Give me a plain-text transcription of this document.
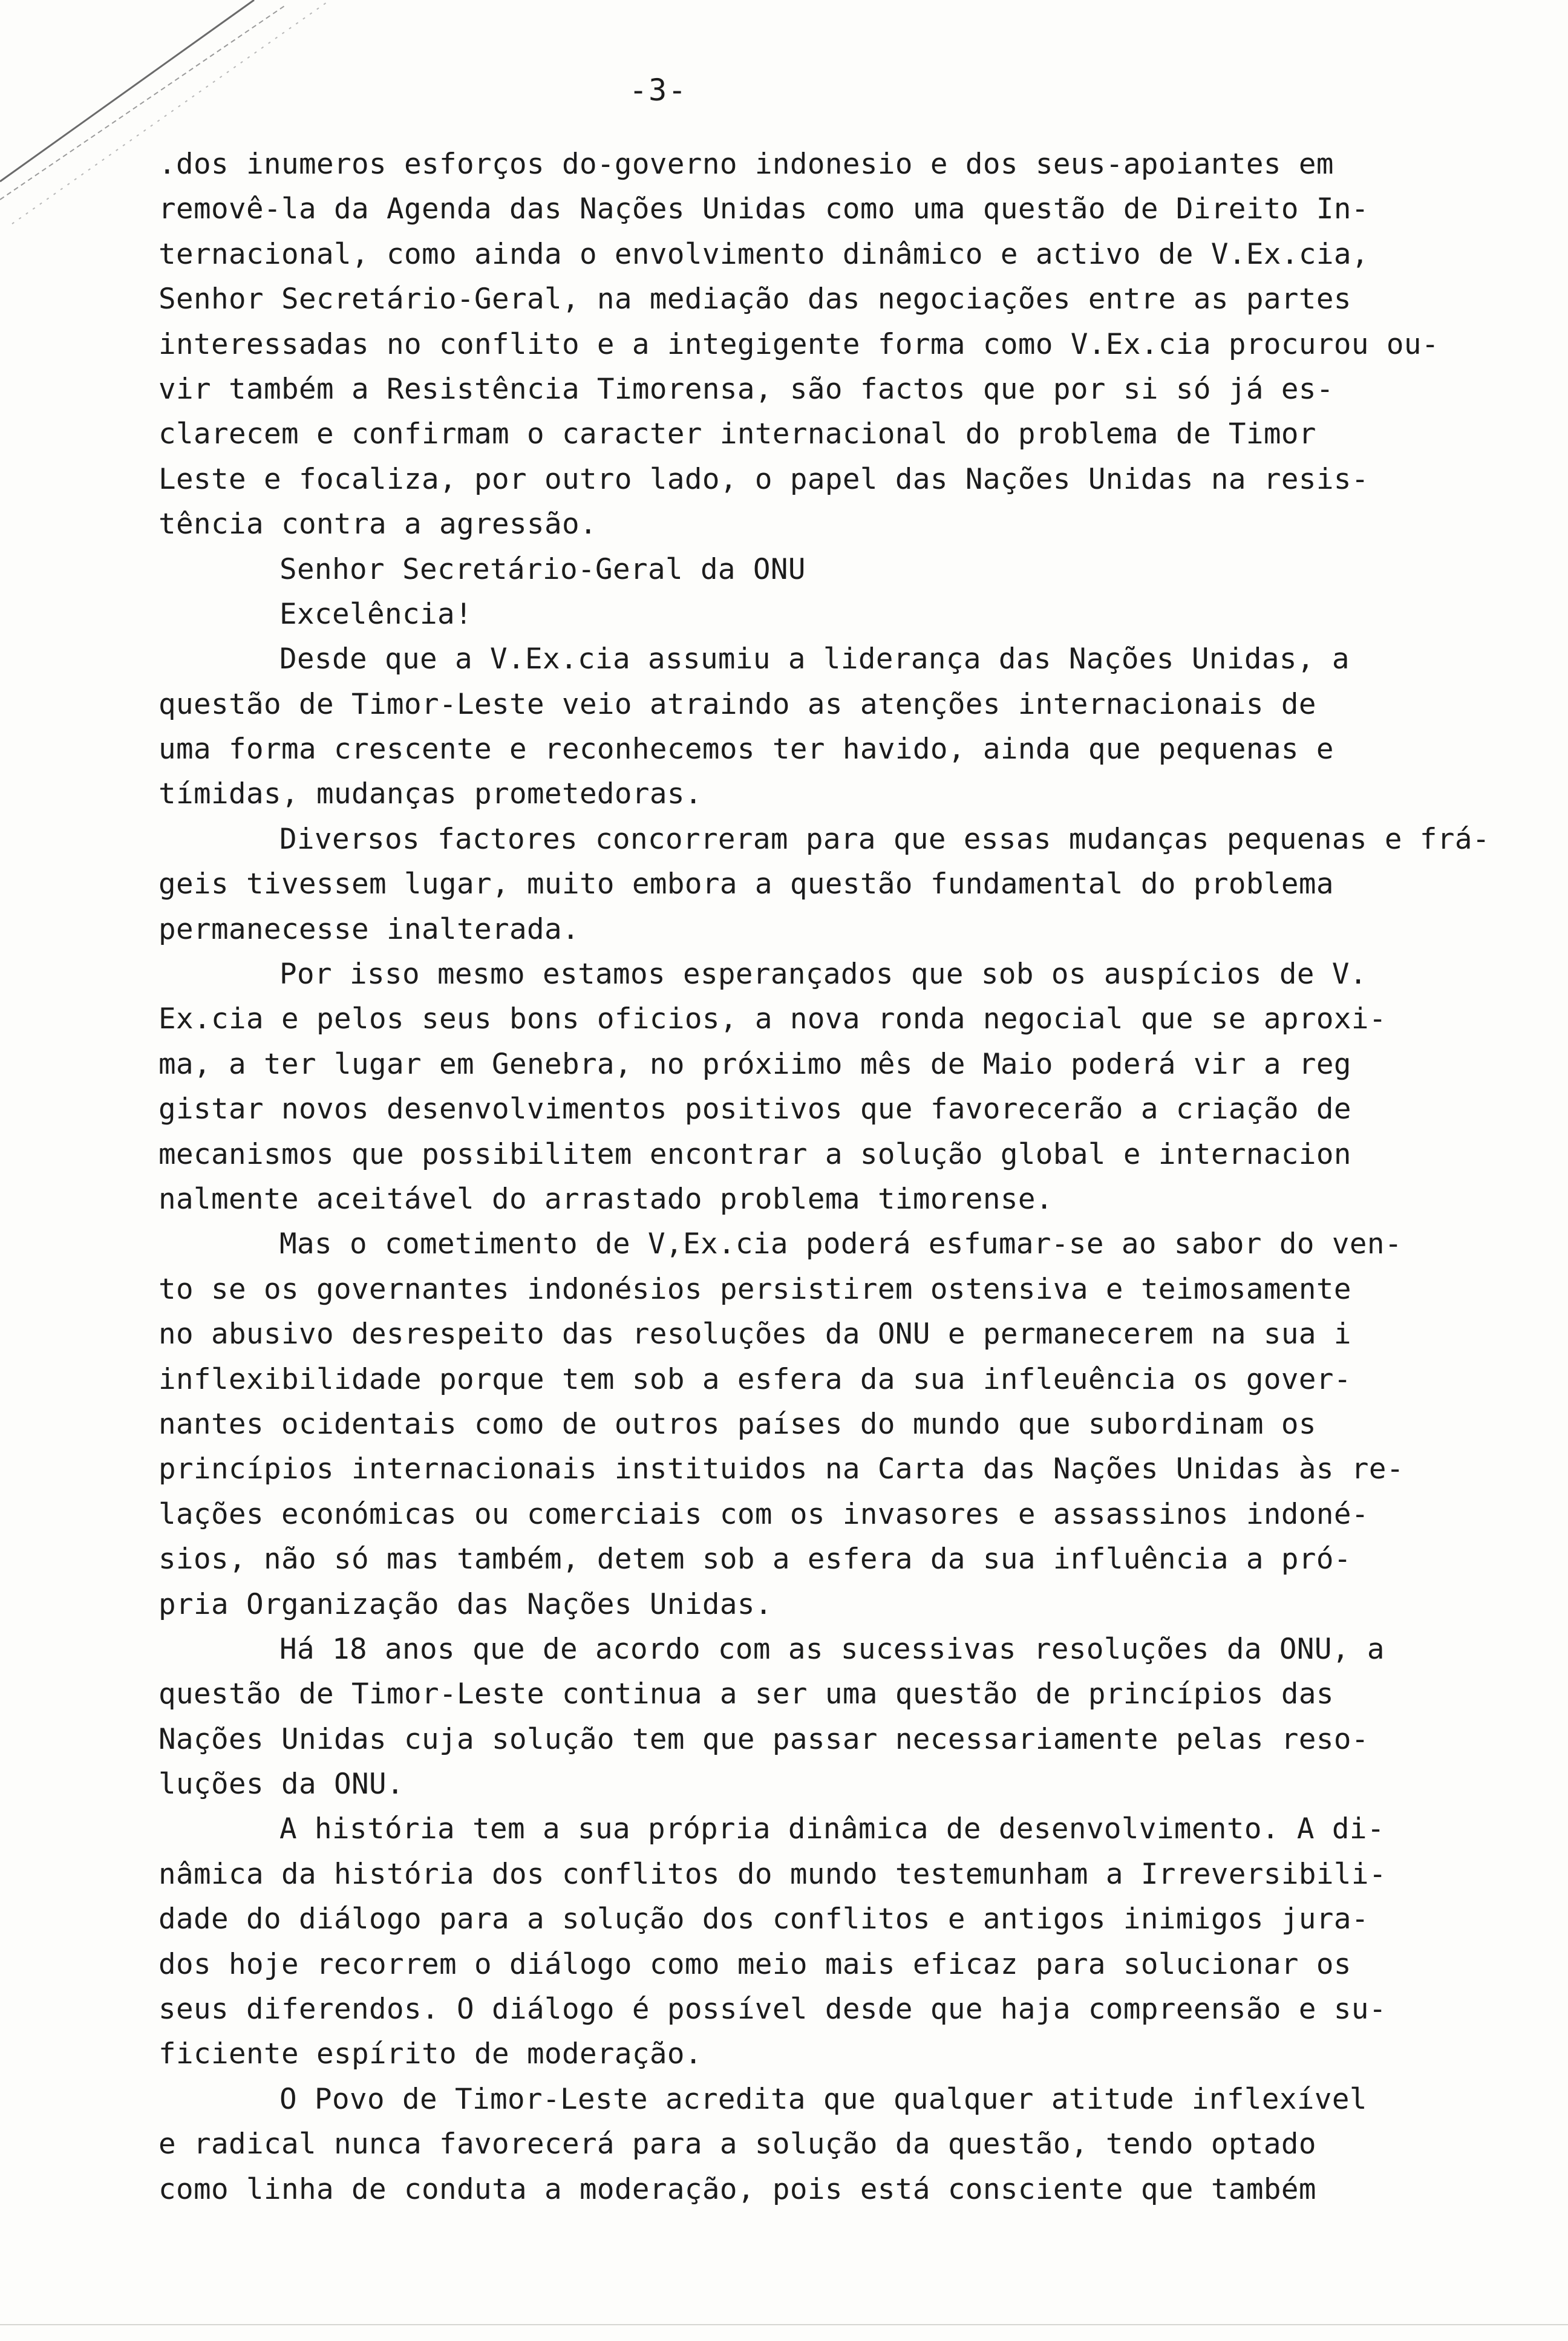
-3-
.dos inumeros esforços do-governo indonesio e dos seus-apoiantes em
removê-la da Agenda das Nações Unidas como uma questão de Direito In-
ternacional, como ainda o envolvimento dinâmico e activo de V.Ex.cia,
Senhor Secretário-Geral, na mediação das negociações entre as partes
interessadas no conflito e a integigente forma como V.Ex.cia procurou ou-
vir também a Resistência Timorensa, são factos que por si só já es-
clarecem e confirmam o caracter internacional do problema de Timor
Leste e focaliza, por outro lado, o papel das Nações Unidas na resis-
tência contra a agressão.
Senhor Secretário-Geral da ONU
Excelência!
Desde que a V.Ex.cia assumiu a liderança das Nações Unidas, a
questão de Timor-Leste veio atraindo as atenções internacionais de
uma forma crescente e reconhecemos ter havido, ainda que pequenas e
tímidas, mudanças prometedoras.
Diversos factores concorreram para que essas mudanças pequenas e frá-
geis tivessem lugar, muito embora a questão fundamental do problema
permanecesse inalterada.
Por isso mesmo estamos esperançados que sob os auspícios de V.
Ex.cia e pelos seus bons oficios, a nova ronda negocial que se aproxi-
ma, a ter lugar em Genebra, no próxiimo mês de Maio poderá vir a reg
gistar novos desenvolvimentos positivos que favorecerão a criação de
mecanismos que possibilitem encontrar a solução global e internacion
nalmente aceitável do arrastado problema timorense.
Mas o cometimento de V,Ex.cia poderá esfumar-se ao sabor do ven-
to se os governantes indonésios persistirem ostensiva e teimosamente
no abusivo desrespeito das resoluções da ONU e permanecerem na sua i
inflexibilidade porque tem sob a esfera da sua infleuência os gover-
nantes ocidentais como de outros países do mundo que subordinam os
princípios internacionais instituidos na Carta das Nações Unidas às re-
lações económicas ou comerciais com os invasores e assassinos indoné-
sios, não só mas também, detem sob a esfera da sua influência a pró-
pria Organização das Nações Unidas.
Há 18 anos que de acordo com as sucessivas resoluções da ONU, a
questão de Timor-Leste continua a ser uma questão de princípios das
Nações Unidas cuja solução tem que passar necessariamente pelas reso-
luções da ONU.
A história tem a sua própria dinâmica de desenvolvimento. A di-
nâmica da história dos conflitos do mundo testemunham a Irreversibili-
dade do diálogo para a solução dos conflitos e antigos inimigos jura-
dos hoje recorrem o diálogo como meio mais eficaz para solucionar os
seus diferendos. O diálogo é possível desde que haja compreensão e su-
ficiente espírito de moderação.
O Povo de Timor-Leste acredita que qualquer atitude inflexível
e radical nunca favorecerá para a solução da questão, tendo optado
como linha de conduta a moderação, pois está consciente que também
